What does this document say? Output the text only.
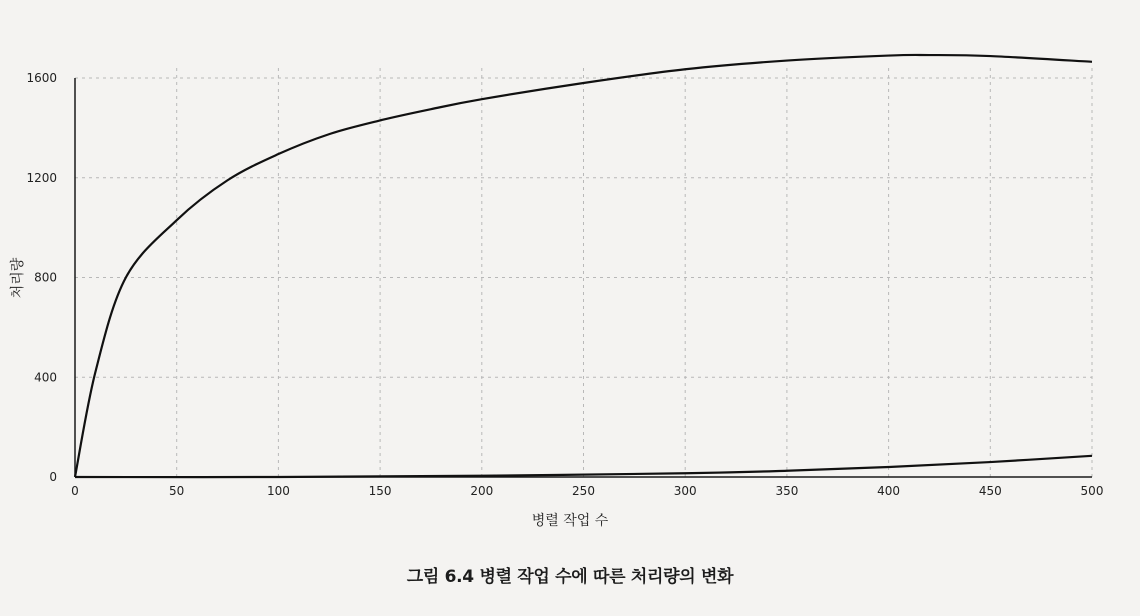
0	50	100	150	200	250	300	350	400	450	500
0
400
800
1200
1600
병렬 작업 수
처리량
그림 6.4 병렬 작업 수에 따른 처리량의 변화
